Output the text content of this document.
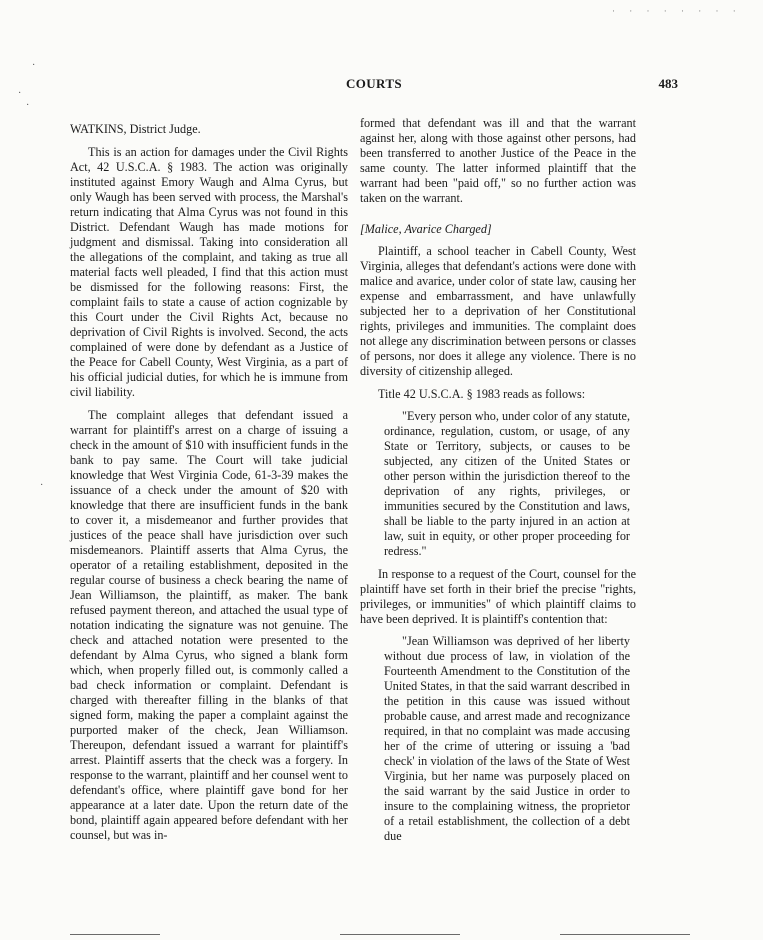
· · · · · · · ·
·
·
·
·
COURTS	483

WATKINS, District Judge.

This is an action for damages under the Civil Rights Act, 42 U.S.C.A. § 1983. The action was originally instituted against Emory Waugh and Alma Cyrus, but only Waugh has been served with process, the Marshal's return indicating that Alma Cyrus was not found in this District. Defendant Waugh has made motions for judgment and dismissal. Taking into consideration all the allegations of the complaint, and taking as true all material facts well pleaded, I find that this action must be dismissed for the following reasons: First, the complaint fails to state a cause of action cognizable by this Court under the Civil Rights Act, because no deprivation of Civil Rights is involved. Second, the acts complained of were done by defendant as a Justice of the Peace for Cabell County, West Virginia, as a part of his official judicial duties, for which he is immune from civil liability.

The complaint alleges that defendant issued a warrant for plaintiff's arrest on a charge of issuing a check in the amount of $10 with insufficient funds in the bank to pay same. The Court will take judicial knowledge that West Virginia Code, 61-3-39 makes the issuance of a check under the amount of $20 with knowledge that there are insufficient funds in the bank to cover it, a misdemeanor and further provides that justices of the peace shall have jurisdiction over such misdemeanors. Plaintiff asserts that Alma Cyrus, the operator of a retailing establishment, deposited in the regular course of business a check bearing the name of Jean Williamson, the plaintiff, as maker. The bank refused payment thereon, and attached the usual type of notation indicating the signature was not genuine. The check and attached notation were presented to the defendant by Alma Cyrus, who signed a blank form which, when properly filled out, is commonly called a bad check information or complaint. Defendant is charged with thereafter filling in the blanks of that signed form, making the paper a complaint against the purported maker of the check, Jean Williamson. Thereupon, defendant issued a warrant for plaintiff's arrest. Plaintiff asserts that the check was a forgery. In response to the warrant, plaintiff and her counsel went to defendant's office, where plaintiff gave bond for her appearance at a later date. Upon the return date of the bond, plaintiff again appeared before defendant with her counsel, but was in-

formed that defendant was ill and that the warrant against her, along with those against other persons, had been transferred to another Justice of the Peace in the same county. The latter informed plaintiff that the warrant had been "paid off," so no further action was taken on the warrant.

[Malice, Avarice Charged]

Plaintiff, a school teacher in Cabell County, West Virginia, alleges that defendant's actions were done with malice and avarice, under color of state law, causing her expense and embarrassment, and have unlawfully subjected her to a deprivation of her Constitutional rights, privileges and immunities. The complaint does not allege any discrimination between persons or classes of persons, nor does it allege any violence. There is no diversity of citizenship alleged.

Title 42 U.S.C.A. § 1983 reads as follows:

"Every person who, under color of any statute, ordinance, regulation, custom, or usage, of any State or Territory, subjects, or causes to be subjected, any citizen of the United States or other person within the jurisdiction thereof to the deprivation of any rights, privileges, or immunities secured by the Constitution and laws, shall be liable to the party injured in an action at law, suit in equity, or other proper proceeding for redress."

In response to a request of the Court, counsel for the plaintiff have set forth in their brief the precise "rights, privileges, or immunities" of which plaintiff claims to have been deprived. It is plaintiff's contention that:

"Jean Williamson was deprived of her liberty without due process of law, in violation of the Fourteenth Amendment to the Constitution of the United States, in that the said warrant described in the petition in this cause was issued without probable cause, and arrest made and recognizance required, in that no complaint was made accusing her of the crime of uttering or issuing a 'bad check' in violation of the laws of the State of West Virginia, but her name was purposely placed on the said warrant by the said Justice in order to insure to the complaining witness, the proprietor of a retail establishment, the collection of a debt due
